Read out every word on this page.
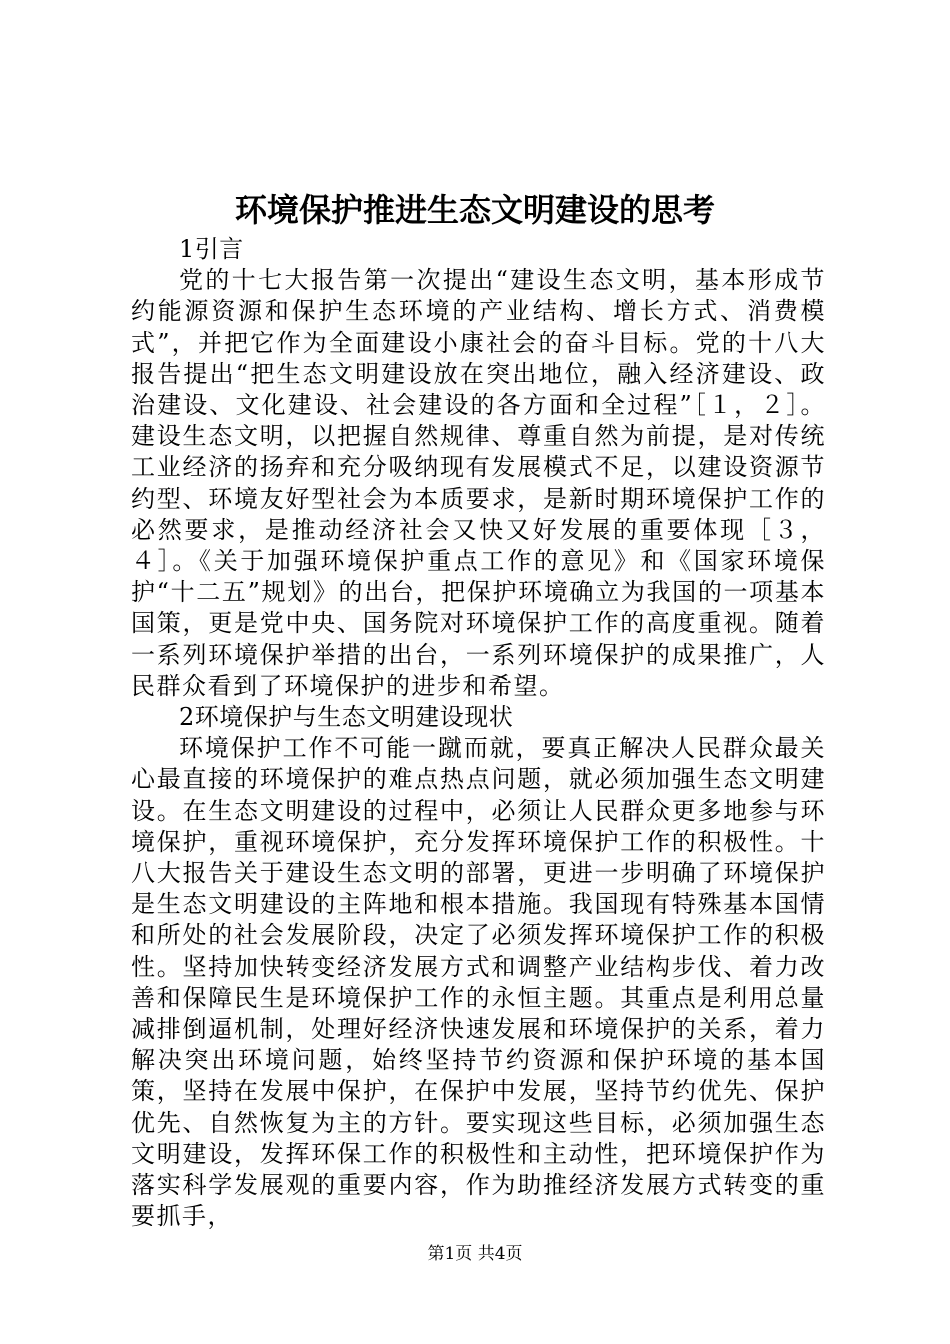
环境保护推进生态文明建设的思考

1引言

党的十七大报告第一次提出“建设生态文明，基本形成节约能源资源和保护生态环境的产业结构、增长方式、消费模式”，并把它作为全面建设小康社会的奋斗目标。党的十八大报告提出“把生态文明建设放在突出地位，融入经济建设、政治建设、文化建设、社会建设的各方面和全过程”［１，２］。建设生态文明，以把握自然规律、尊重自然为前提，是对传统工业经济的扬弃和充分吸纳现有发展模式不足，以建设资源节约型、环境友好型社会为本质要求，是新时期环境保护工作的必然要求，是推动经济社会又快又好发展的重要体现［３，４］。《关于加强环境保护重点工作的意见》和《国家环境保护“十二五”规划》的出台，把保护环境确立为我国的一项基本国策，更是党中央、国务院对环境保护工作的高度重视。随着一系列环境保护举措的出台，一系列环境保护的成果推广，人民群众看到了环境保护的进步和希望。

2环境保护与生态文明建设现状

环境保护工作不可能一蹴而就，要真正解决人民群众最关心最直接的环境保护的难点热点问题，就必须加强生态文明建设。在生态文明建设的过程中，必须让人民群众更多地参与环境保护，重视环境保护，充分发挥环境保护工作的积极性。十八大报告关于建设生态文明的部署，更进一步明确了环境保护是生态文明建设的主阵地和根本措施。我国现有特殊基本国情和所处的社会发展阶段，决定了必须发挥环境保护工作的积极性。坚持加快转变经济发展方式和调整产业结构步伐、着力改善和保障民生是环境保护工作的永恒主题。其重点是利用总量减排倒逼机制，处理好经济快速发展和环境保护的关系，着力解决突出环境问题，始终坚持节约资源和保护环境的基本国策，坚持在发展中保护，在保护中发展，坚持节约优先、保护优先、自然恢复为主的方针。要实现这些目标，必须加强生态文明建设，发挥环保工作的积极性和主动性，把环境保护作为落实科学发展观的重要内容，作为助推经济发展方式转变的重要抓手，

第1页 共4页
